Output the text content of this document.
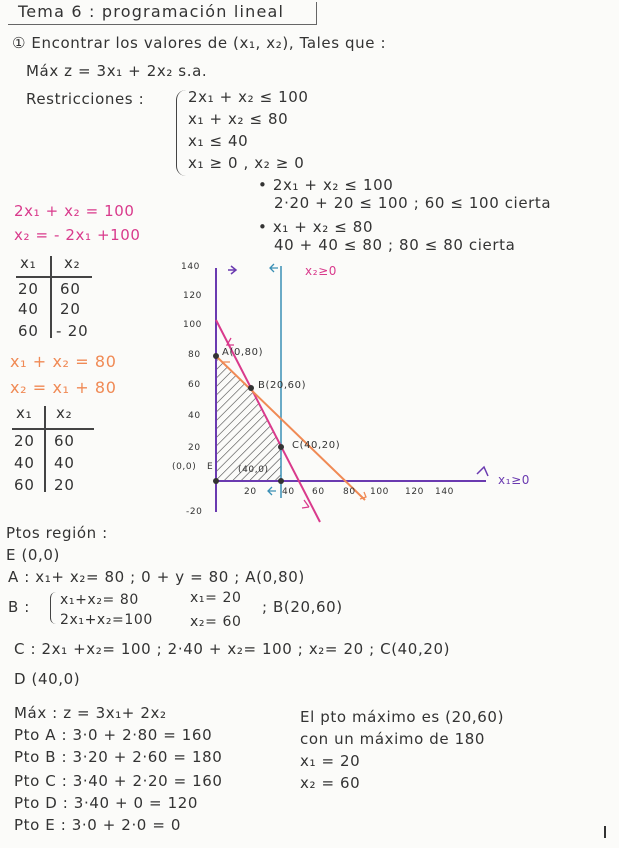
Tema 6 : programación lineal
① Encontrar los valores de (x₁, x₂), Tales que :
Máx z = 3x₁ + 2x₂ s.a.
Restricciones :	2x₁ + x₂ ≤ 100
x₁ + x₂ ≤ 80
x₁ ≤ 40
x₁ ≥ 0 , x₂ ≥ 0
• 2x₁ + x₂ ≤ 100
2·20 + 20 ≤ 100 ; 60 ≤ 100 cierta
• x₁ + x₂ ≤ 80
40 + 40 ≤ 80 ; 80 ≤ 80 cierta
2x₁ + x₂ = 100
x₂ = - 2x₁ +100
x₁ x₂
20 60
40 20
60 - 20
x₁ + x₂ = 80
x₂ = x₁ + 80
x₁ x₂
20 60
40 40
60 20
140
120
100
80
60
40
20
(0,0)
-20
20	40 60 80 100 120 140
A(0,80)
B(20,60)
C(40,20)
(40,0)
E
x₂≥0
x₁≥0
Ptos región :
E (0,0)
A : x₁+ x₂= 80 ; 0 + y = 80 ; A(0,80)
B : x₁+x₂= 80
2x₁+x₂=100
x₁= 20
x₂= 60
; B(20,60)
C : 2x₁ +x₂= 100 ; 2·40 + x₂= 100 ; x₂= 20 ; C(40,20)
D (40,0)
Máx : z = 3x₁+ 2x₂
Pto A : 3·0 + 2·80 = 160
Pto B : 3·20 + 2·60 = 180
Pto C : 3·40 + 2·20 = 160
Pto D : 3·40 + 0 = 120
Pto E : 3·0 + 2·0 = 0
El pto máximo es (20,60)
con un máximo de 180
x₁ = 20
x₂ = 60
